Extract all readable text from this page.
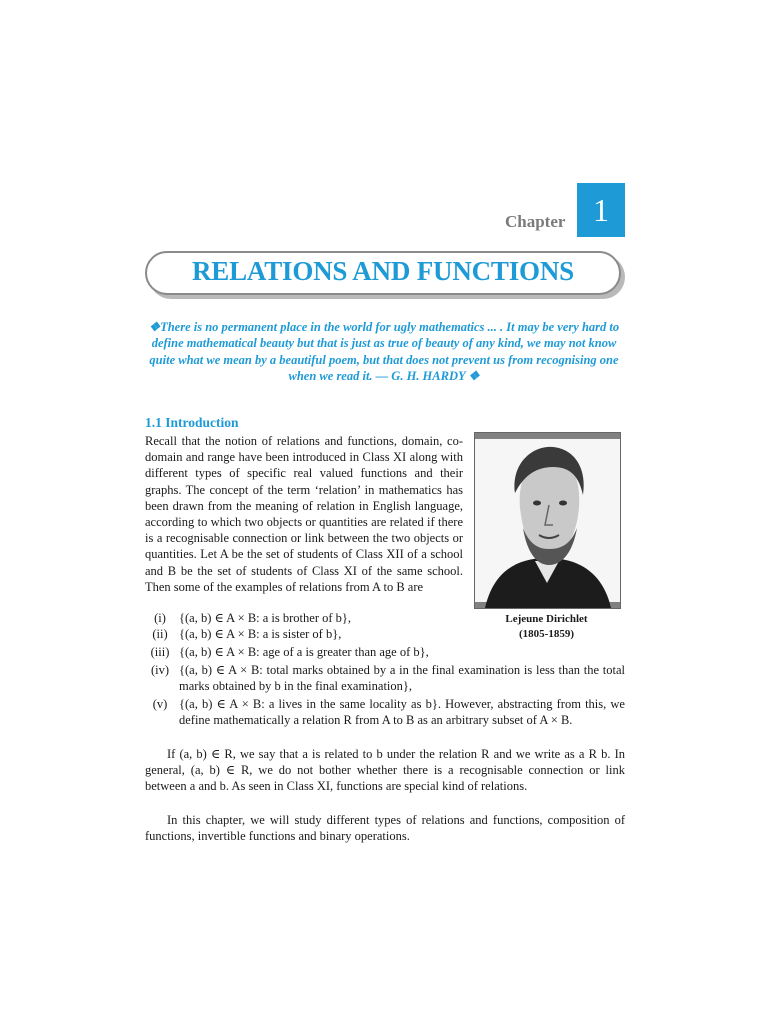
Chapter 1
RELATIONS AND FUNCTIONS
❖There is no permanent place in the world for ugly mathematics ... . It may be very hard to define mathematical beauty but that is just as true of beauty of any kind, we may not know quite what we mean by a beautiful poem, but that does not prevent us from recognising one when we read it. — G. H. HARDY ❖
1.1 Introduction
Recall that the notion of relations and functions, domain, co-domain and range have been introduced in Class XI along with different types of specific real valued functions and their graphs. The concept of the term ‘relation’ in mathematics has been drawn from the meaning of relation in English language, according to which two objects or quantities are related if there is a recognisable connection or link between the two objects or quantities. Let A be the set of students of Class XII of a school and B be the set of students of Class XI of the same school. Then some of the examples of relations from A to B are
Lejeune Dirichlet
(1805-1859)
(i)	{(a, b) ∈ A × B: a is brother of b},
(ii) {(a, b) ∈ A × B: a is sister of b},
(iii) {(a, b) ∈ A × B: age of a is greater than age of b},
(iv) {(a, b) ∈ A × B: total marks obtained by a in the final examination is less than the total marks obtained by b in the final examination},
(v) {(a, b) ∈ A × B: a lives in the same locality as b}. However, abstracting from this, we define mathematically a relation R from A to B as an arbitrary subset of A × B.
If (a, b) ∈ R, we say that a is related to b under the relation R and we write as a R b. In general, (a, b) ∈ R, we do not bother whether there is a recognisable connection or link between a and b. As seen in Class XI, functions are special kind of relations.
In this chapter, we will study different types of relations and functions, composition of functions, invertible functions and binary operations.
